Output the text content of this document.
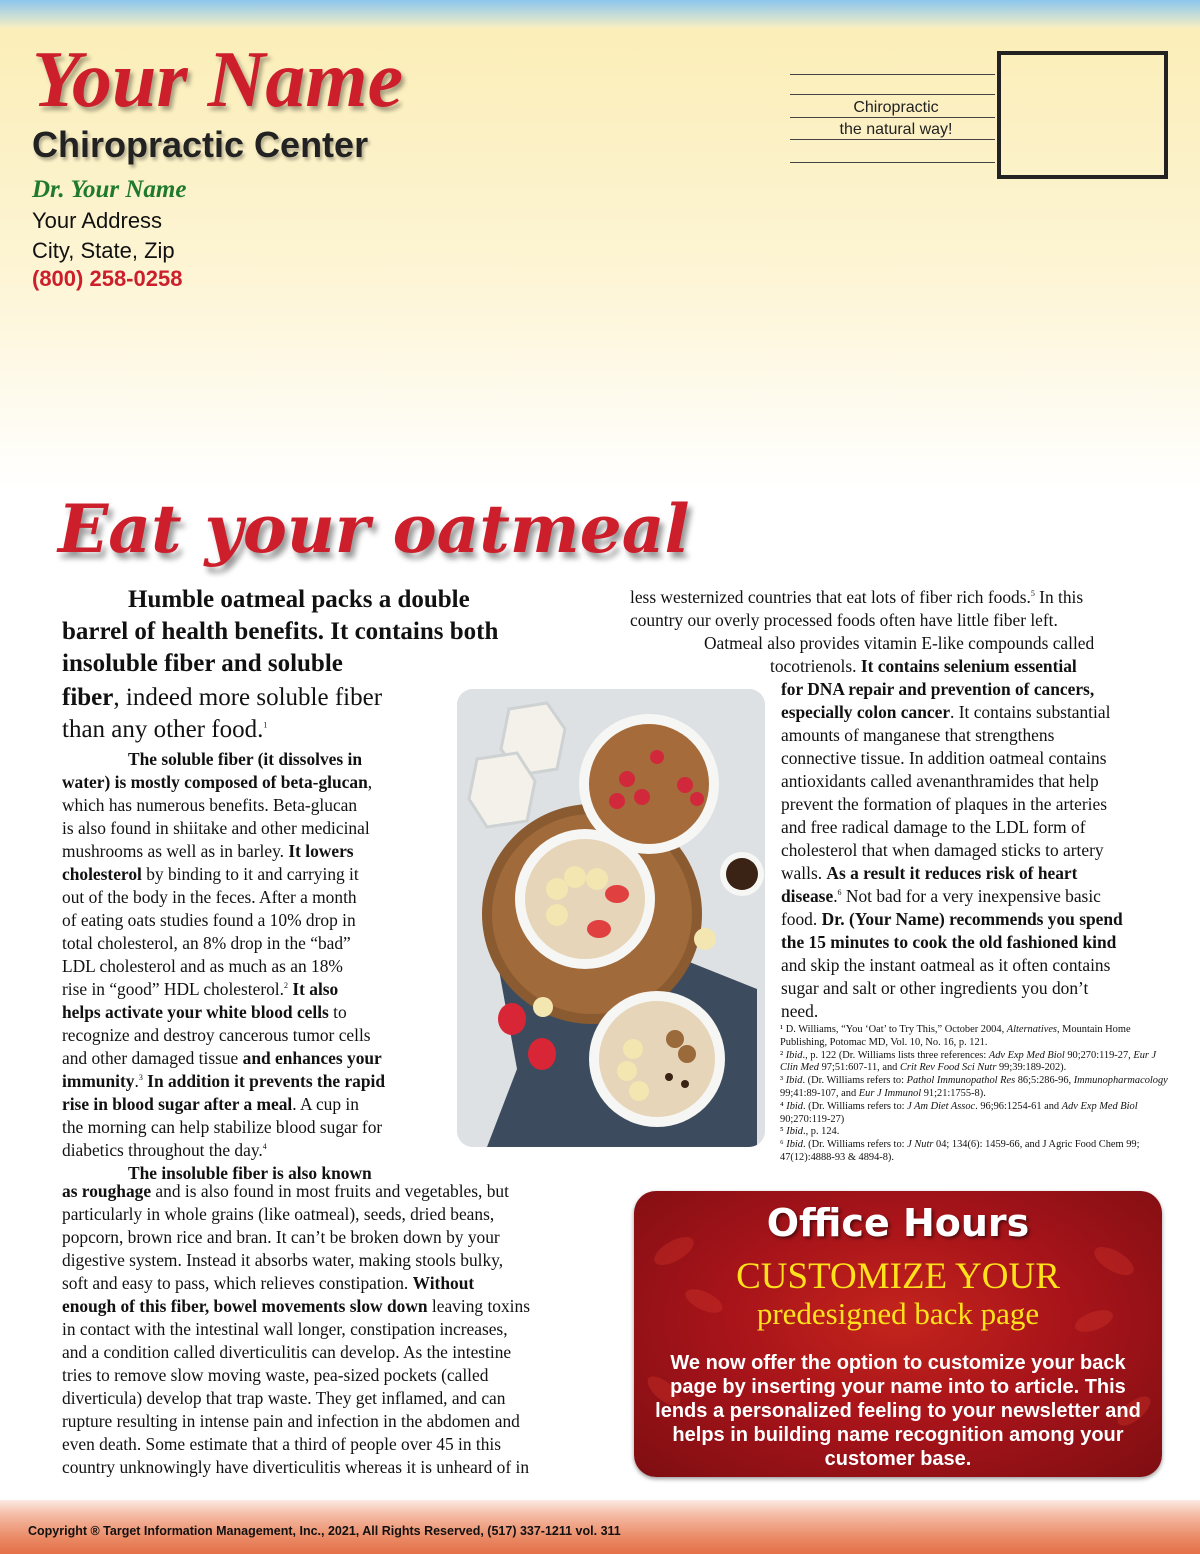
Your Name
Chiropractic Center
Dr. Your Name
Your Address
City, State, Zip
(800) 258-0258
Chiropractic
the natural way!
Eat your oatmeal
Humble oatmeal packs a double
barrel of health benefits. It contains both
insoluble fiber and soluble
fiber, indeed more soluble fiber
than any other food.$^1$
The soluble fiber (it dissolves in
water) is mostly composed of beta-glucan,
which has numerous benefits. Beta-glucan
is also found in shiitake and other medicinal
mushrooms as well as in barley. It lowers
cholesterol by binding to it and carrying it
out of the body in the feces. After a month
of eating oats studies found a 10% drop in
total cholesterol, an 8% drop in the “bad”
LDL cholesterol and as much as an 18%
rise in “good” HDL cholesterol.$^2$ It also
helps activate your white blood cells to
recognize and destroy cancerous tumor cells
and other damaged tissue and enhances your
immunity.$^3$ In addition it prevents the rapid
rise in blood sugar after a meal. A cup in
the morning can help stabilize blood sugar for
diabetics throughout the day.$^4$
The insoluble fiber is also known
as roughage and is also found in most fruits and vegetables, but
particularly in whole grains (like oatmeal), seeds, dried beans,
popcorn, brown rice and bran. It can’t be broken down by your
digestive system. Instead it absorbs water, making stools bulky,
soft and easy to pass, which relieves constipation. Without
enough of this fiber, bowel movements slow down leaving toxins
in contact with the intestinal wall longer, constipation increases,
and a condition called diverticulitis can develop. As the intestine
tries to remove slow moving waste, pea-sized pockets (called
diverticula) develop that trap waste. They get inflamed, and can
rupture resulting in intense pain and infection in the abdomen and
even death. Some estimate that a third of people over 45 in this
country unknowingly have diverticulitis whereas it is unheard of in
less westernized countries that eat lots of fiber rich foods.$^5$ In this
country our overly processed foods often have little fiber left.
Oatmeal also provides vitamin E-like compounds called
tocotrienols. It contains selenium essential
for DNA repair and prevention of cancers,
especially colon cancer. It contains substantial
amounts of manganese that strengthens
connective tissue. In addition oatmeal contains
antioxidants called avenanthramides that help
prevent the formation of plaques in the arteries
and free radical damage to the LDL form of
cholesterol that when damaged sticks to artery
walls. As a result it reduces risk of heart
disease.$^6$ Not bad for a very inexpensive basic
food. Dr. (Your Name) recommends you spend
the 15 minutes to cook the old fashioned kind
and skip the instant oatmeal as it often contains
sugar and salt or other ingredients you don’t
need.
¹ D. Williams, “You ‘Oat’ to Try This,” October 2004, Alternatives, Mountain Home
Publishing, Potomac MD, Vol. 10, No. 16, p. 121.
² Ibid., p. 122 (Dr. Williams lists three references: Adv Exp Med Biol 90;270:119-27, Eur J
Clin Med 97;51:607-11, and Crit Rev Food Sci Nutr 99;39:189-202).
³ Ibid. (Dr. Williams refers to: Pathol Immunopathol Res 86;5:286-96, Immunopharmacology
99;41:89-107, and Eur J Immunol 91;21:1755-8).
⁴ Ibid. (Dr. Williams refers to: J Am Diet Assoc. 96;96:1254-61 and Adv Exp Med Biol
90;270:119-27)
⁵ Ibid., p. 124.
⁶ Ibid. (Dr. Williams refers to: J Nutr 04; 134(6): 1459-66, and J Agric Food Chem 99;
47(12):4888-93 & 4894-8).
Office Hours
CUSTOMIZE YOUR
predesigned back page
We now offer the option to customize your back page by inserting your name into to article. This lends a personalized feeling to your newsletter and helps in building name recognition among your customer base.
Copyright ® Target Information Management, Inc., 2021, All Rights Reserved, (517) 337-1211 vol. 311
